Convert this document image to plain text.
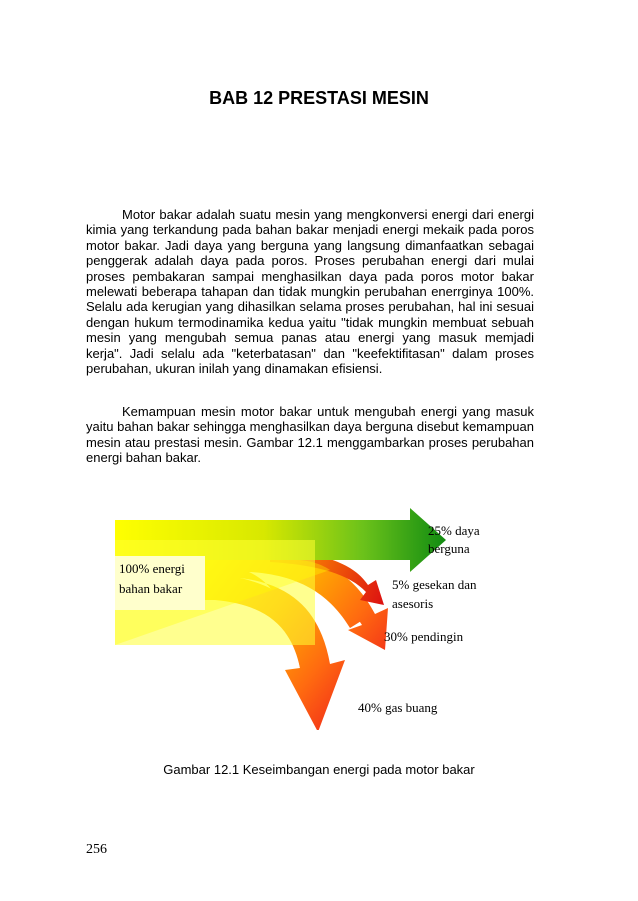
BAB 12 PRESTASI MESIN

Motor bakar adalah suatu mesin yang mengkonversi energi dari energi kimia yang terkandung pada bahan bakar menjadi energi mekaik pada poros motor bakar. Jadi daya yang berguna yang langsung dimanfaatkan sebagai penggerak adalah daya pada poros. Proses perubahan energi dari mulai proses pembakaran sampai menghasilkan daya pada poros motor bakar melewati beberapa tahapan dan tidak mungkin perubahan enerrginya 100%. Selalu ada kerugian yang dihasilkan selama proses perubahan, hal ini sesuai dengan hukum termodinamika kedua yaitu "tidak mungkin membuat sebuah mesin yang mengubah semua panas atau energi yang masuk memjadi kerja". Jadi selalu ada "keterbatasan" dan "keefektifitasan" dalam proses perubahan, ukuran inilah yang dinamakan efisiensi.

Kemampuan mesin motor bakar untuk mengubah energi yang masuk yaitu bahan bakar sehingga menghasilkan daya berguna disebut kemampuan mesin atau prestasi mesin. Gambar 12.1 menggambarkan proses perubahan energi bahan bakar.

100% energi
bahan bakar
25% daya
berguna
5% gesekan dan
asesoris
30% pendingin
40% gas buang
Gambar 12.1 Keseimbangan energi pada motor bakar
256
